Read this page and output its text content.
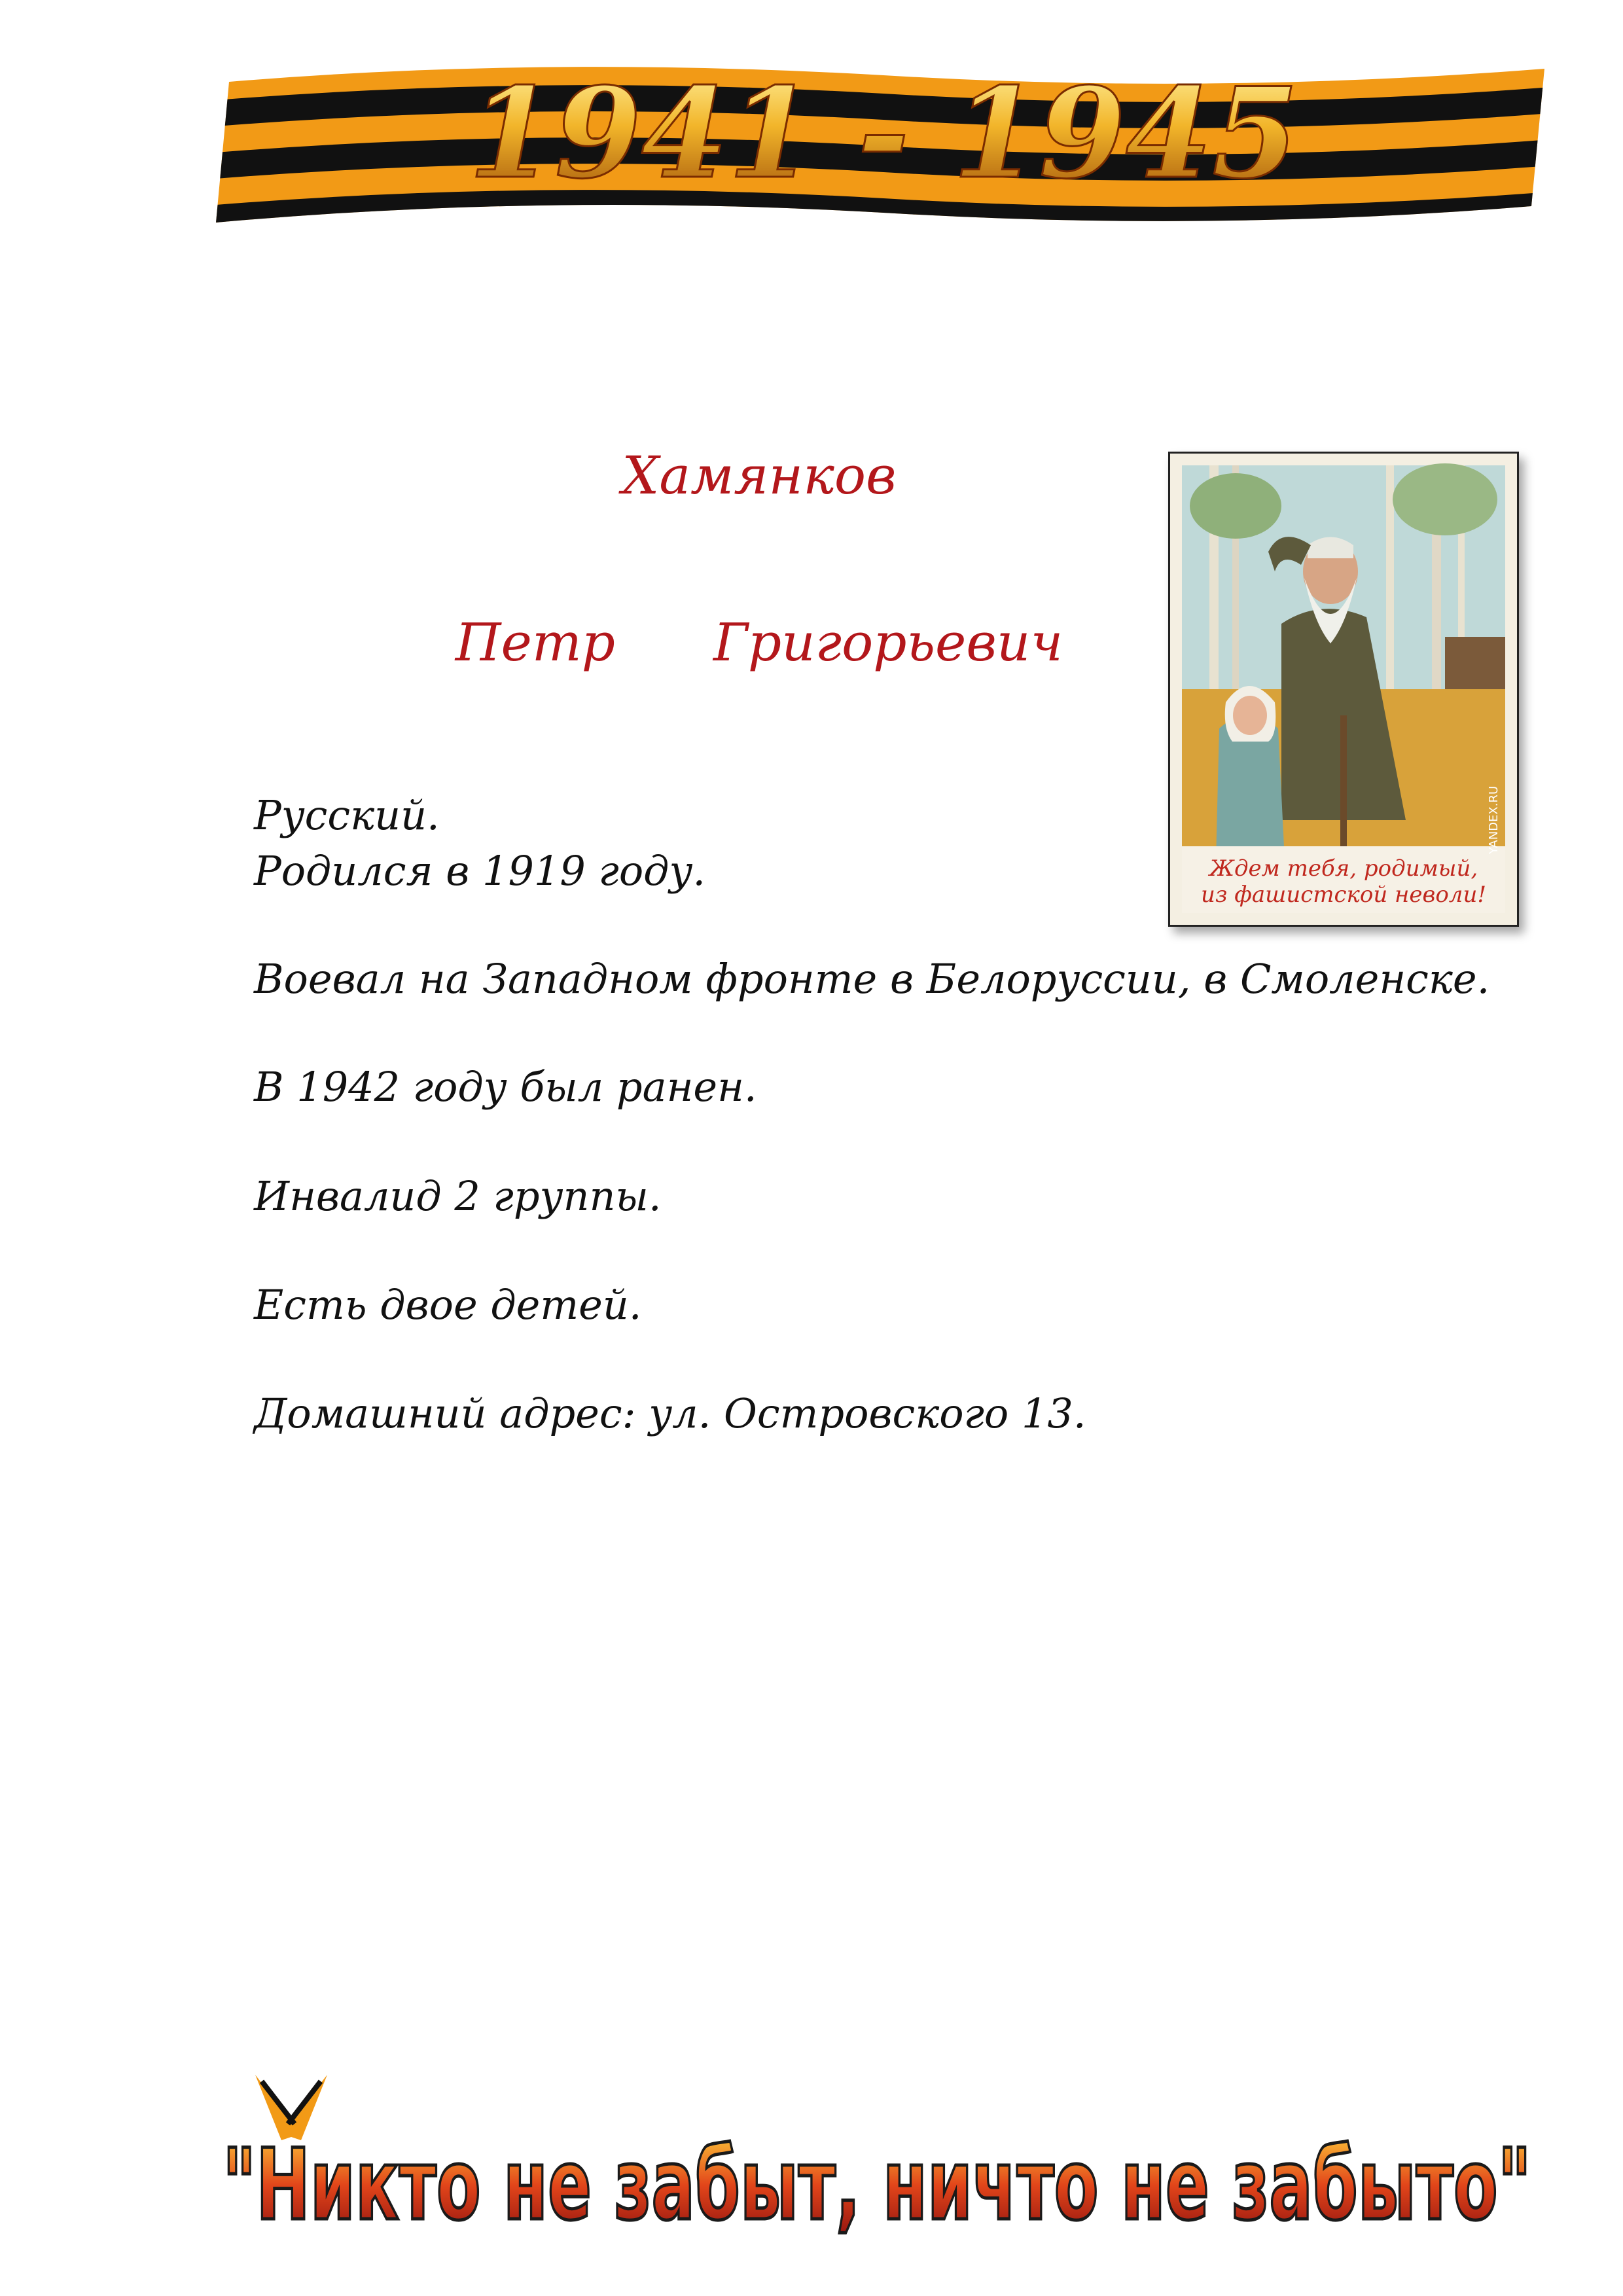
1941 - 1945
Хамянков
Петр Григорьевич
Ждем тебя, родимый,
из фашистской неволи!
YANDEX.RU

Русский.

Родился в 1919 году.

Воевал на Западном фронте в Белоруссии, в Смоленске.

В 1942 году был ранен.

Инвалид 2 группы.

Есть двое детей.

Домашний адрес: ул. Островского 13.

"Никто не забыт, ничто не забыто"
